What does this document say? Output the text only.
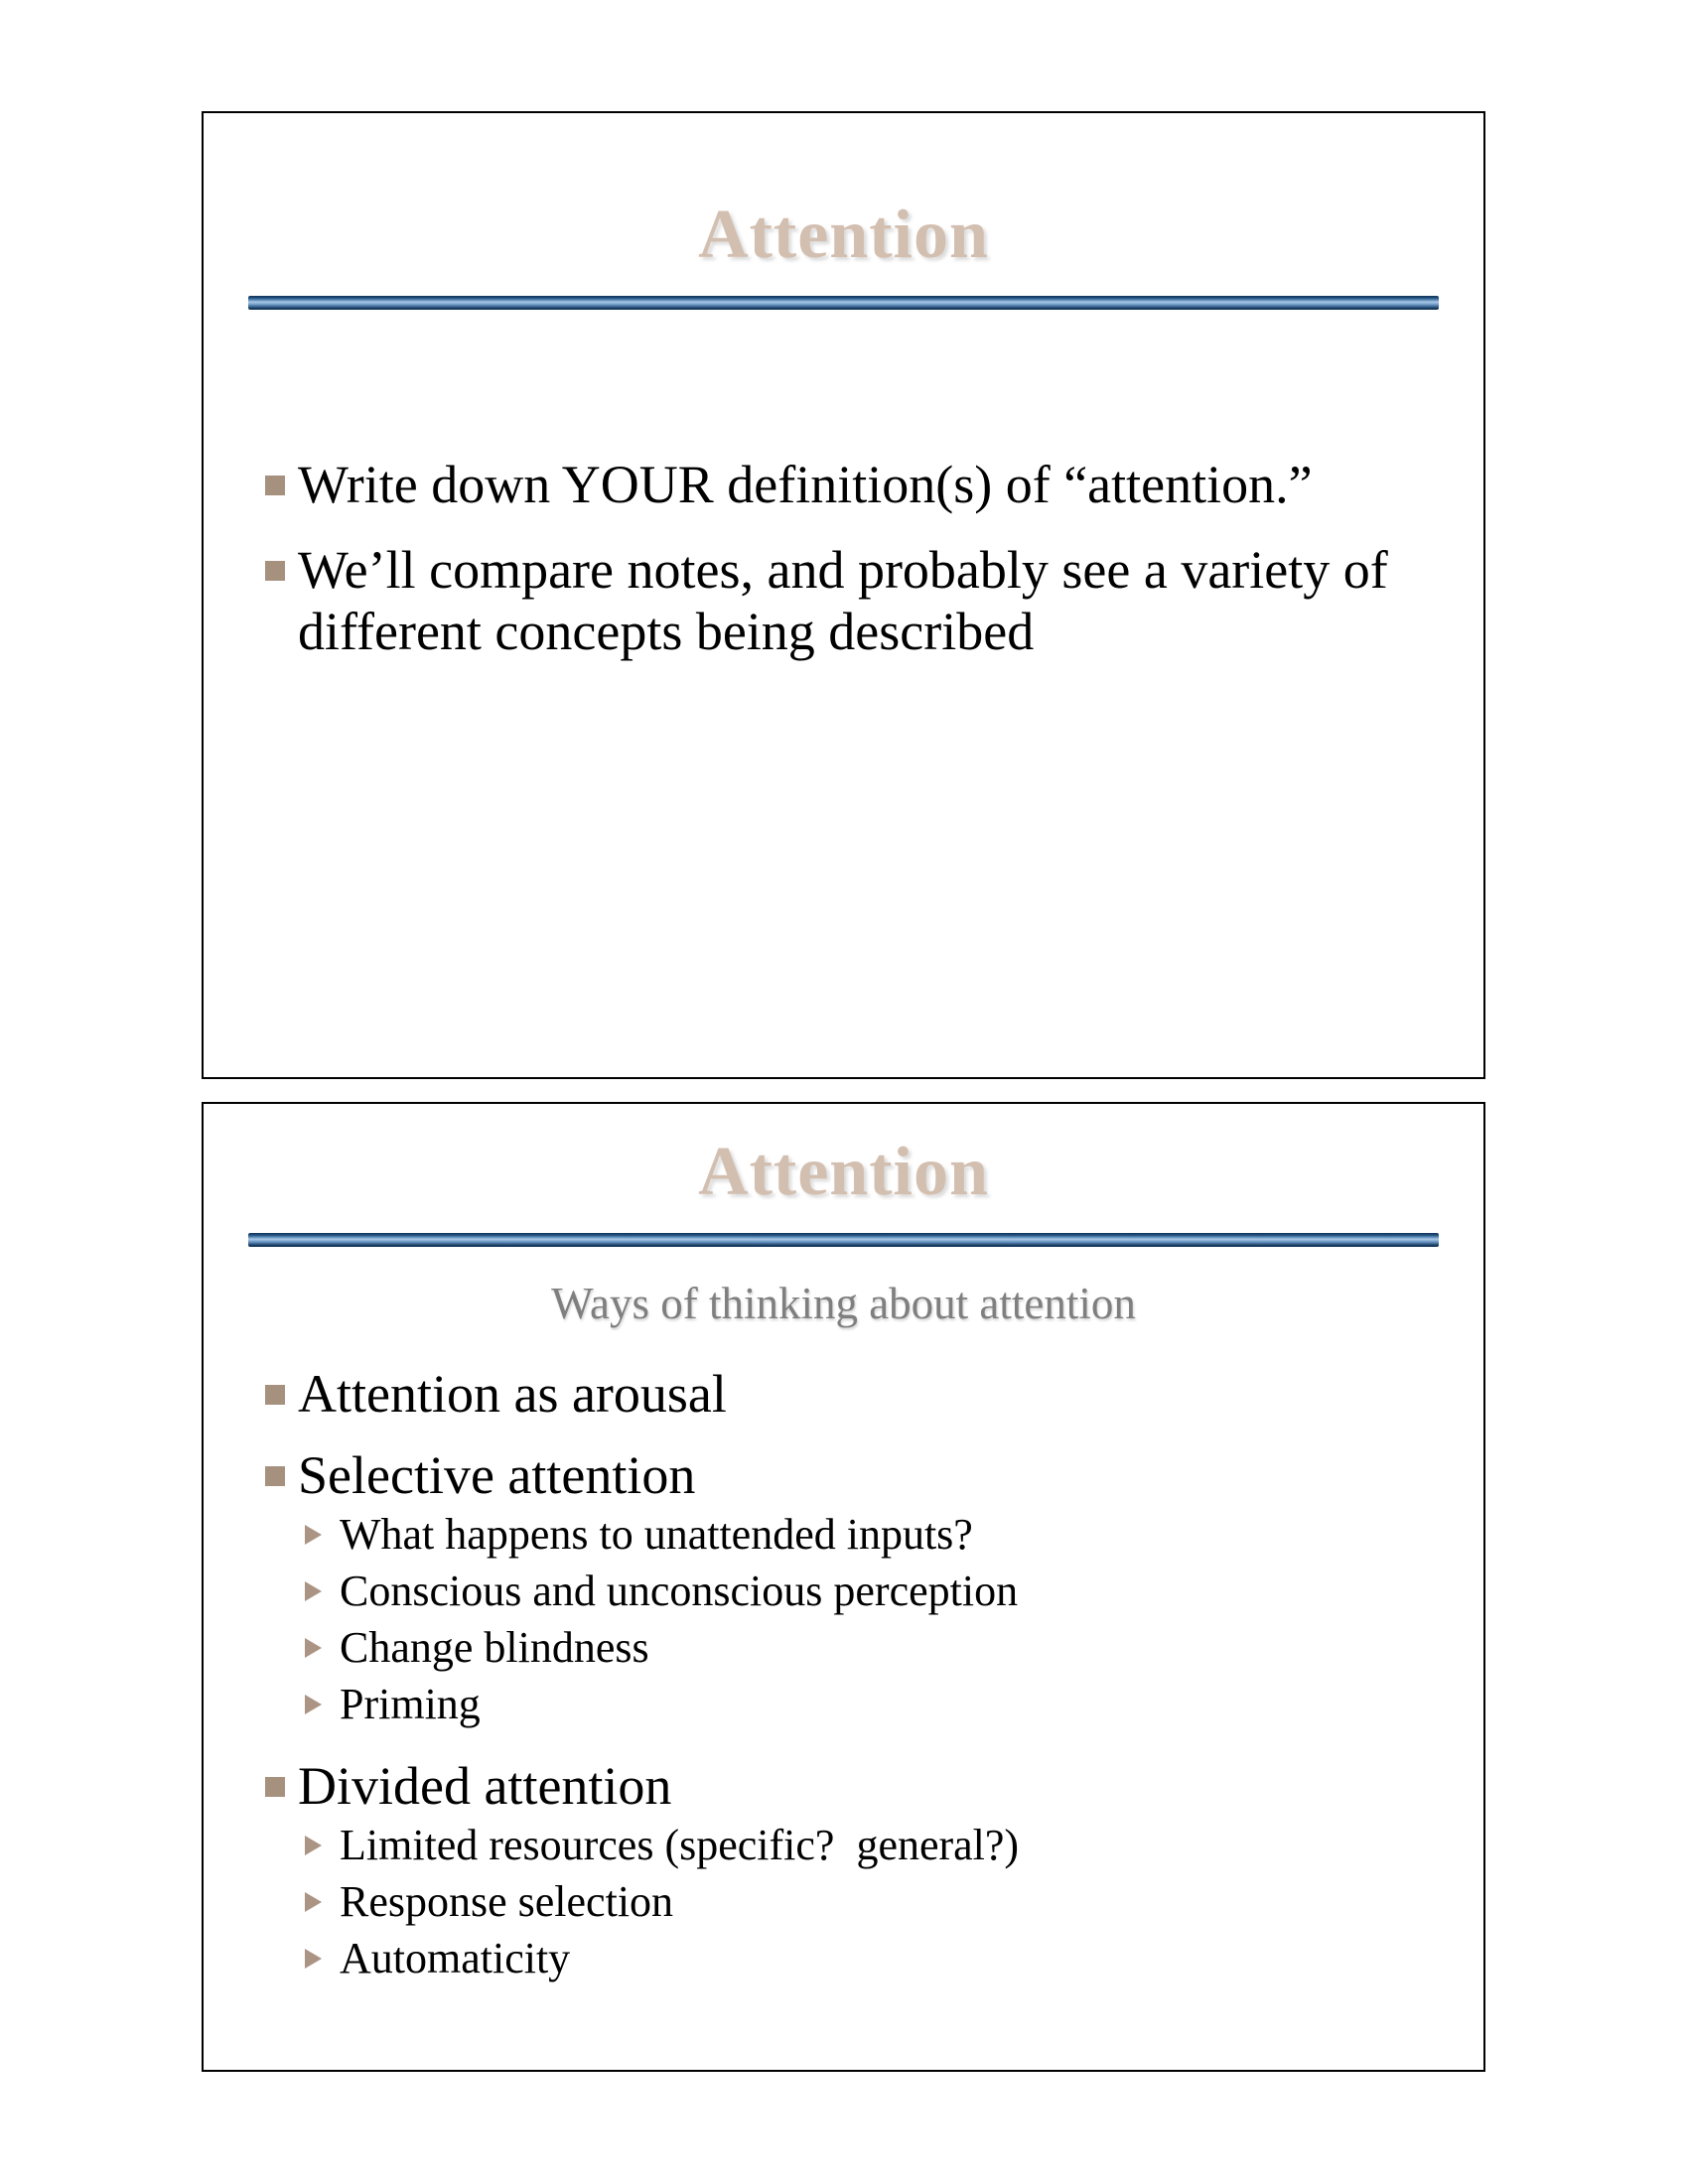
Attention
Write down YOUR definition(s) of “attention.”
We’ll compare notes, and probably see a variety of different concepts being described
Attention
Ways of thinking about attention
Attention as arousal
Selective attention
What happens to unattended inputs?
Conscious and unconscious perception
Change blindness
Priming
Divided attention
Limited resources (specific?  general?)
Response selection
Automaticity
